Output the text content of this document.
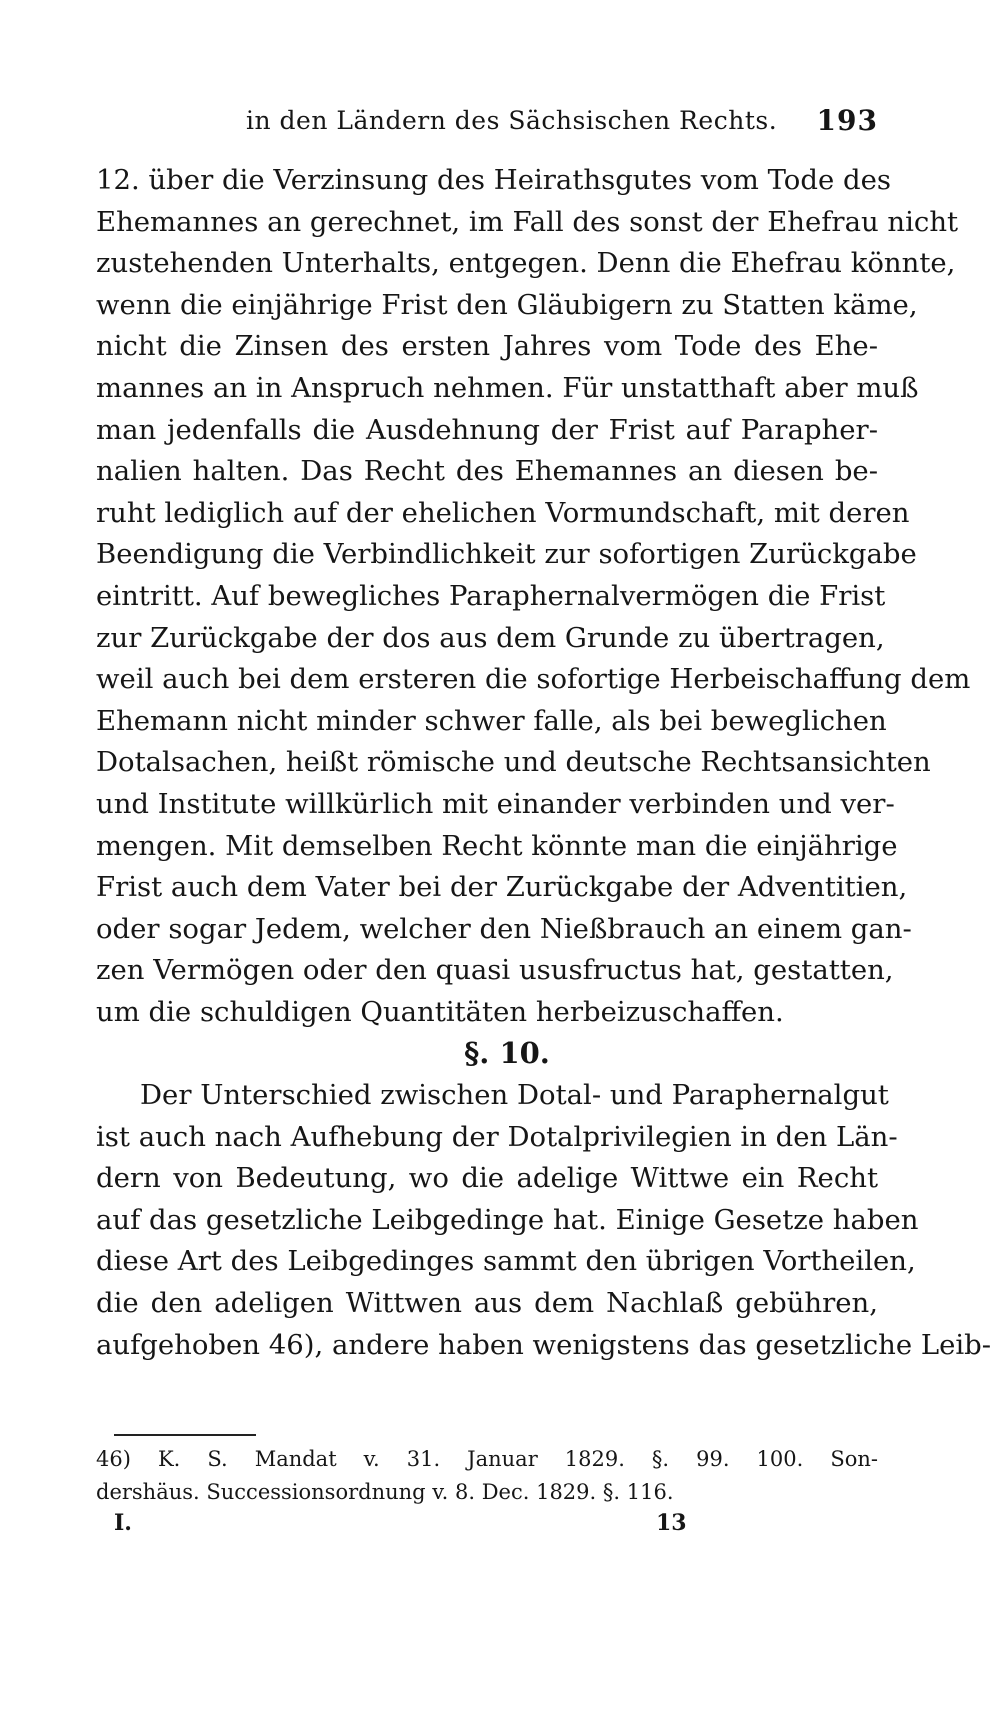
in den Ländern des Sächsischen Rechts. 193
12. über die Verzinsung des Heirathsgutes vom Tode des
Ehemannes an gerechnet, im Fall des sonst der Ehefrau nicht
zustehenden Unterhalts, entgegen. Denn die Ehefrau könnte,
wenn die einjährige Frist den Gläubigern zu Statten käme,
nicht die Zinsen des ersten Jahres vom Tode des Ehe-
mannes an in Anspruch nehmen. Für unstatthaft aber muß
man jedenfalls die Ausdehnung der Frist auf Parapher-
nalien halten. Das Recht des Ehemannes an diesen be-
ruht lediglich auf der ehelichen Vormundschaft, mit deren
Beendigung die Verbindlichkeit zur sofortigen Zurückgabe
eintritt. Auf bewegliches Paraphernalvermögen die Frist
zur Zurückgabe der dos aus dem Grunde zu übertragen,
weil auch bei dem ersteren die sofortige Herbeischaffung dem
Ehemann nicht minder schwer falle, als bei beweglichen
Dotalsachen, heißt römische und deutsche Rechtsansichten
und Institute willkürlich mit einander verbinden und ver-
mengen. Mit demselben Recht könnte man die einjährige
Frist auch dem Vater bei der Zurückgabe der Adventitien,
oder sogar Jedem, welcher den Nießbrauch an einem gan-
zen Vermögen oder den quasi ususfructus hat, gestatten,
um die schuldigen Quantitäten herbeizuschaffen.
§. 10.
Der Unterschied zwischen Dotal- und Paraphernalgut
ist auch nach Aufhebung der Dotalprivilegien in den Län-
dern von Bedeutung, wo die adelige Wittwe ein Recht
auf das gesetzliche Leibgedinge hat. Einige Gesetze haben
diese Art des Leibgedinges sammt den übrigen Vortheilen,
die den adeligen Wittwen aus dem Nachlaß gebühren,
aufgehoben 46), andere haben wenigstens das gesetzliche Leib-
46) K. S. Mandat v. 31. Januar 1829. §. 99. 100. Son-
dershäus. Successionsordnung v. 8. Dec. 1829. §. 116.
I.	13
